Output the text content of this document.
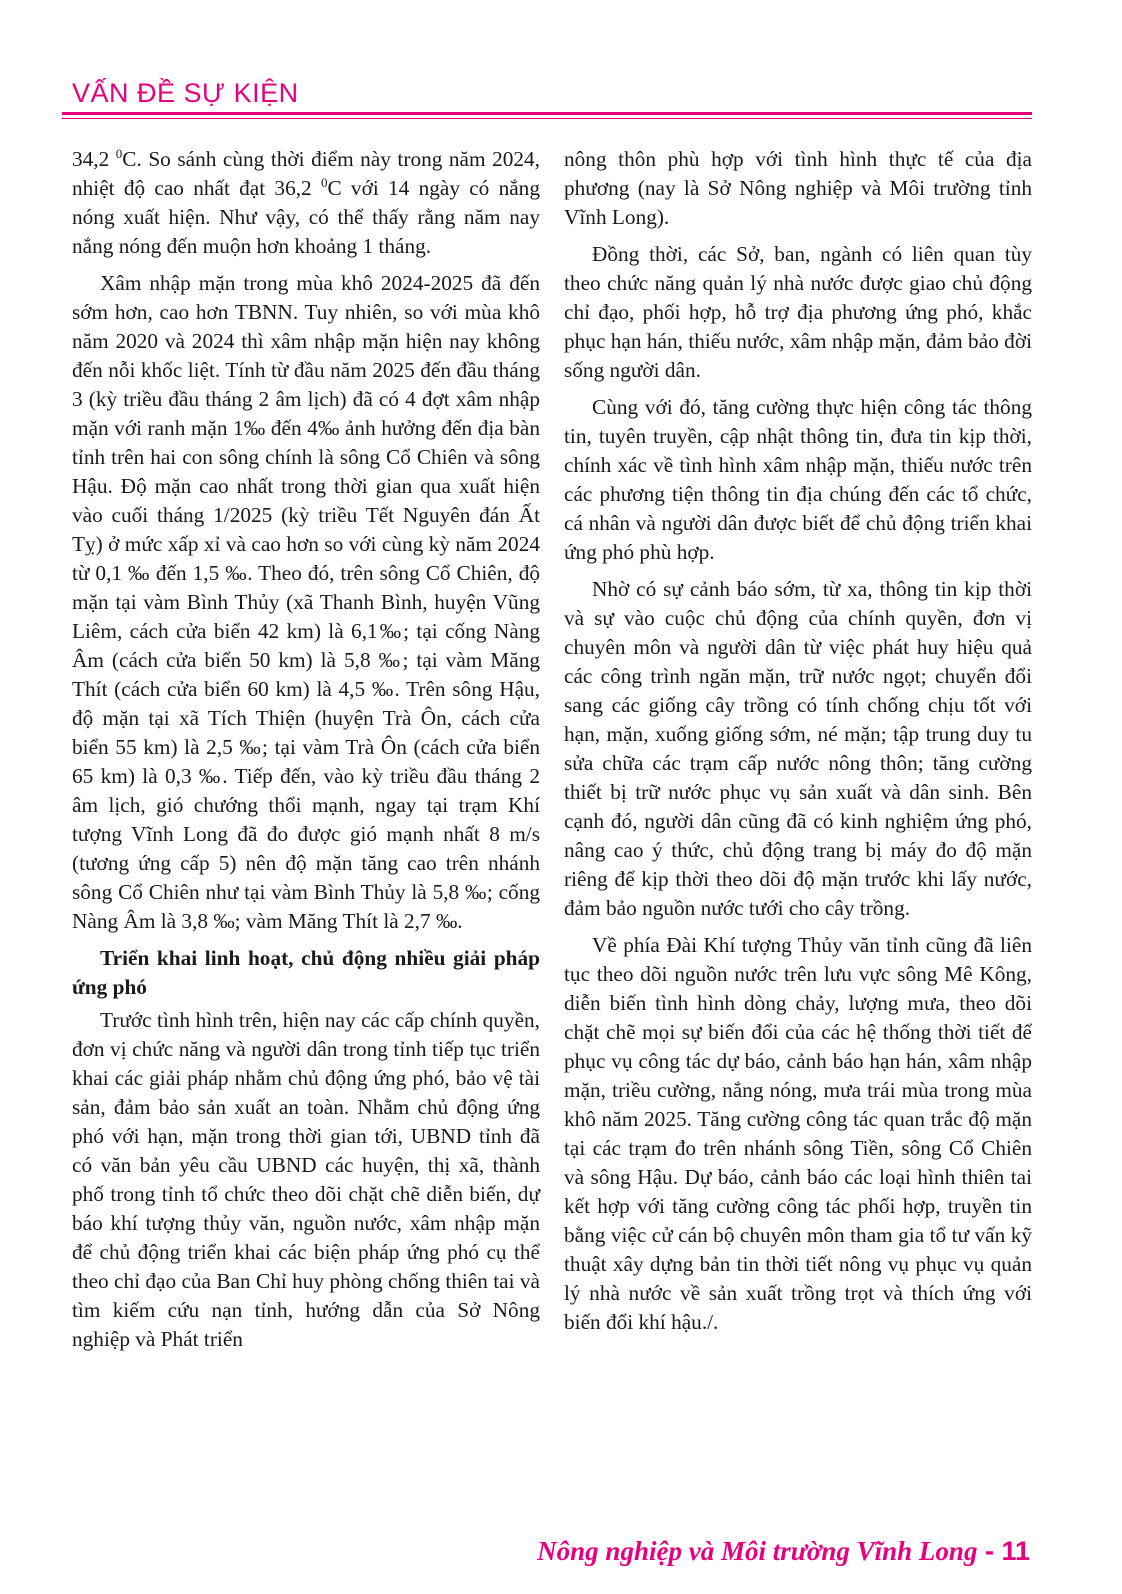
VẤN ĐỀ SỰ KIỆN

34,2 $^0$C. So sánh cùng thời điểm này trong năm 2024, nhiệt độ cao nhất đạt 36,2 $^0$C với 14 ngày có nắng nóng xuất hiện. Như vậy, có thể thấy rằng năm nay nắng nóng đến muộn hơn khoảng 1 tháng.

Xâm nhập mặn trong mùa khô 2024-2025 đã đến sớm hơn, cao hơn TBNN. Tuy nhiên, so với mùa khô năm 2020 và 2024 thì xâm nhập mặn hiện nay không đến nỗi khốc liệt. Tính từ đầu năm 2025 đến đầu tháng 3 (kỳ triều đầu tháng 2 âm lịch) đã có 4 đợt xâm nhập mặn với ranh mặn 1‰ đến 4‰ ảnh hưởng đến địa bàn tỉnh trên hai con sông chính là sông Cổ Chiên và sông Hậu. Độ mặn cao nhất trong thời gian qua xuất hiện vào cuối tháng 1/2025 (kỳ triều Tết Nguyên đán Ất Tỵ) ở mức xấp xỉ và cao hơn so với cùng kỳ năm 2024 từ 0,1 ‰ đến 1,5 ‰. Theo đó, trên sông Cổ Chiên, độ mặn tại vàm Bình Thủy (xã Thanh Bình, huyện Vũng Liêm, cách cửa biển 42 km) là 6,1‰; tại cống Nàng Âm (cách cửa biển 50 km) là 5,8 ‰; tại vàm Măng Thít (cách cửa biển 60 km) là 4,5 ‰. Trên sông Hậu, độ mặn tại xã Tích Thiện (huyện Trà Ôn, cách cửa biển 55 km) là 2,5 ‰; tại vàm Trà Ôn (cách cửa biển 65 km) là 0,3 ‰. Tiếp đến, vào kỳ triều đầu tháng 2 âm lịch, gió chướng thổi mạnh, ngay tại trạm Khí tượng Vĩnh Long đã đo được gió mạnh nhất 8 m/s (tương ứng cấp 5) nên độ mặn tăng cao trên nhánh sông Cổ Chiên như tại vàm Bình Thủy là 5,8 ‰; cống Nàng Âm là 3,8 ‰; vàm Măng Thít là 2,7 ‰.

Triển khai linh hoạt, chủ động nhiều giải pháp ứng phó

Trước tình hình trên, hiện nay các cấp chính quyền, đơn vị chức năng và người dân trong tỉnh tiếp tục triển khai các giải pháp nhằm chủ động ứng phó, bảo vệ tài sản, đảm bảo sản xuất an toàn. Nhằm chủ động ứng phó với hạn, mặn trong thời gian tới, UBND tỉnh đã có văn bản yêu cầu UBND các huyện, thị xã, thành phố trong tỉnh tổ chức theo dõi chặt chẽ diễn biến, dự báo khí tượng thủy văn, nguồn nước, xâm nhập mặn để chủ động triển khai các biện pháp ứng phó cụ thể theo chỉ đạo của Ban Chỉ huy phòng chống thiên tai và tìm kiếm cứu nạn tỉnh, hướng dẫn của Sở Nông nghiệp và Phát triển

nông thôn phù hợp với tình hình thực tế của địa phương (nay là Sở Nông nghiệp và Môi trường tỉnh Vĩnh Long).

Đồng thời, các Sở, ban, ngành có liên quan tùy theo chức năng quản lý nhà nước được giao chủ động chỉ đạo, phối hợp, hỗ trợ địa phương ứng phó, khắc phục hạn hán, thiếu nước, xâm nhập mặn, đảm bảo đời sống người dân.

Cùng với đó, tăng cường thực hiện công tác thông tin, tuyên truyền, cập nhật thông tin, đưa tin kịp thời, chính xác về tình hình xâm nhập mặn, thiếu nước trên các phương tiện thông tin địa chúng đến các tổ chức, cá nhân và người dân được biết để chủ động triển khai ứng phó phù hợp.

Nhờ có sự cảnh báo sớm, từ xa, thông tin kịp thời và sự vào cuộc chủ động của chính quyền, đơn vị chuyên môn và người dân từ việc phát huy hiệu quả các công trình ngăn mặn, trữ nước ngọt; chuyển đổi sang các giống cây trồng có tính chống chịu tốt với hạn, mặn, xuống giống sớm, né mặn; tập trung duy tu sửa chữa các trạm cấp nước nông thôn; tăng cường thiết bị trữ nước phục vụ sản xuất và dân sinh. Bên cạnh đó, người dân cũng đã có kinh nghiệm ứng phó, nâng cao ý thức, chủ động trang bị máy đo độ mặn riêng để kịp thời theo dõi độ mặn trước khi lấy nước, đảm bảo nguồn nước tưới cho cây trồng.

Về phía Đài Khí tượng Thủy văn tỉnh cũng đã liên tục theo dõi nguồn nước trên lưu vực sông Mê Kông, diễn biến tình hình dòng chảy, lượng mưa, theo dõi chặt chẽ mọi sự biến đổi của các hệ thống thời tiết để phục vụ công tác dự báo, cảnh báo hạn hán, xâm nhập mặn, triều cường, nắng nóng, mưa trái mùa trong mùa khô năm 2025. Tăng cường công tác quan trắc độ mặn tại các trạm đo trên nhánh sông Tiền, sông Cổ Chiên và sông Hậu. Dự báo, cảnh báo các loại hình thiên tai kết hợp với tăng cường công tác phối hợp, truyền tin bằng việc cử cán bộ chuyên môn tham gia tổ tư vấn kỹ thuật xây dựng bản tin thời tiết nông vụ phục vụ quản lý nhà nước về sản xuất trồng trọt và thích ứng với biến đổi khí hậu./.

Nông nghiệp và Môi trường Vĩnh Long - 11
